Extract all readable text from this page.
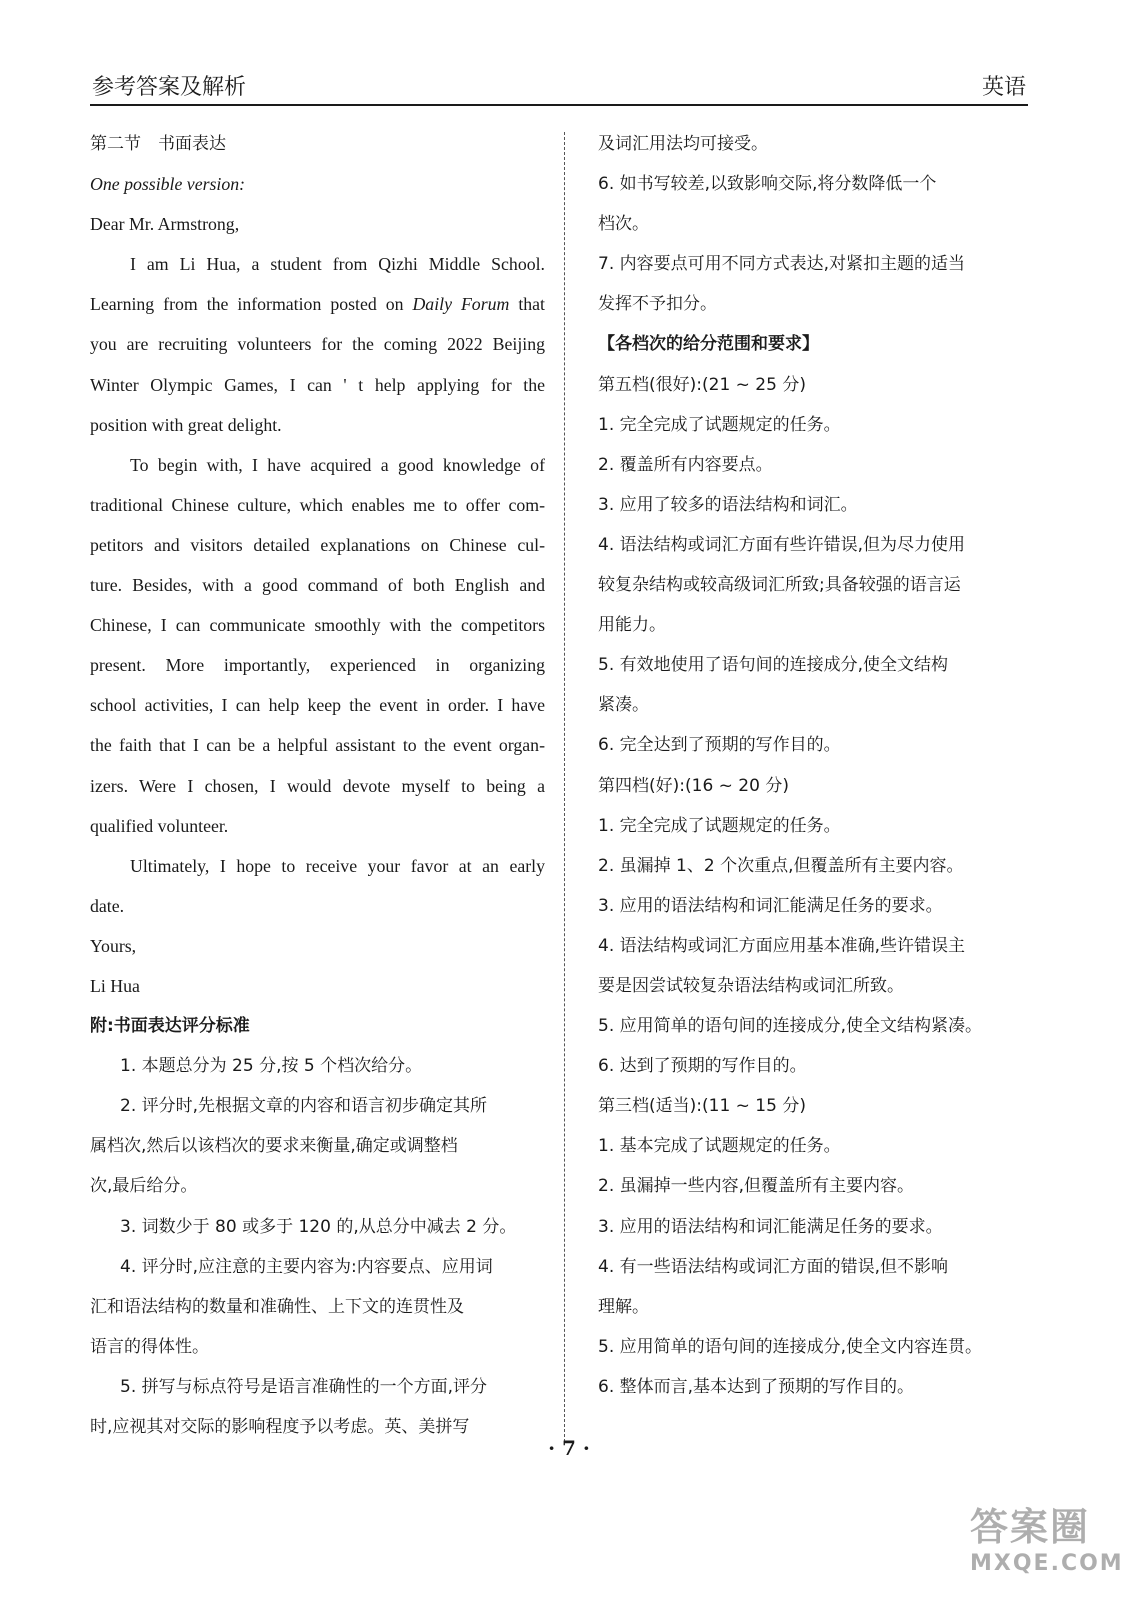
参考答案及解析	英语
第二节　书面表达
One possible version:
Dear Mr. Armstrong,
I am Li Hua, a student from Qizhi Middle School.
Learning from the information posted on Daily Forum that
you are recruiting volunteers for the coming 2022 Beijing
Winter Olympic Games, I can ' t help applying for the
position with great delight.
To begin with, I have acquired a good knowledge of
traditional Chinese culture, which enables me to offer com-
petitors and visitors detailed explanations on Chinese cul-
ture. Besides, with a good command of both English and
Chinese, I can communicate smoothly with the competitors
present. More importantly, experienced in organizing
school activities, I can help keep the event in order. I have
the faith that I can be a helpful assistant to the event organ-
izers. Were I chosen, I would devote myself to being a
qualified volunteer.
Ultimately, I hope to receive your favor at an early
date.
Yours,
Li Hua
附:书面表达评分标准
1. 本题总分为 25 分,按 5 个档次给分。
2. 评分时,先根据文章的内容和语言初步确定其所
属档次,然后以该档次的要求来衡量,确定或调整档
次,最后给分。
3. 词数少于 80 或多于 120 的,从总分中减去 2 分。
4. 评分时,应注意的主要内容为:内容要点、应用词
汇和语法结构的数量和准确性、上下文的连贯性及
语言的得体性。
5. 拼写与标点符号是语言准确性的一个方面,评分
时,应视其对交际的影响程度予以考虑。英、美拼写
及词汇用法均可接受。
6. 如书写较差,以致影响交际,将分数降低一个
档次。
7. 内容要点可用不同方式表达,对紧扣主题的适当
发挥不予扣分。
【各档次的给分范围和要求】
第五档(很好):(21 ~ 25 分)
1. 完全完成了试题规定的任务。
2. 覆盖所有内容要点。
3. 应用了较多的语法结构和词汇。
4. 语法结构或词汇方面有些许错误,但为尽力使用
较复杂结构或较高级词汇所致;具备较强的语言运
用能力。
5. 有效地使用了语句间的连接成分,使全文结构
紧凑。
6. 完全达到了预期的写作目的。
第四档(好):(16 ~ 20 分)
1. 完全完成了试题规定的任务。
2. 虽漏掉 1、2 个次重点,但覆盖所有主要内容。
3. 应用的语法结构和词汇能满足任务的要求。
4. 语法结构或词汇方面应用基本准确,些许错误主
要是因尝试较复杂语法结构或词汇所致。
5. 应用简单的语句间的连接成分,使全文结构紧凑。
6. 达到了预期的写作目的。
第三档(适当):(11 ~ 15 分)
1. 基本完成了试题规定的任务。
2. 虽漏掉一些内容,但覆盖所有主要内容。
3. 应用的语法结构和词汇能满足任务的要求。
4. 有一些语法结构或词汇方面的错误,但不影响
理解。
5. 应用简单的语句间的连接成分,使全文内容连贯。
6. 整体而言,基本达到了预期的写作目的。
· 7 ·
答案圈
MXQE.COM
